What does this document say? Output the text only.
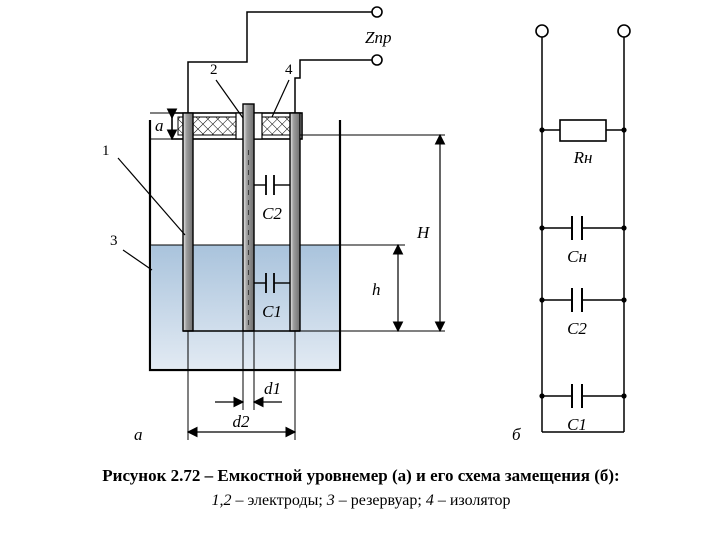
Zпр
C2
C1
1
2
3
4
a
H
h
d1
d2
а
Rн
Cн
C2
C1
б
Рисунок 2.72 – Емкостной уровнемер (а) и его схема замещения (б):
1,2 – электроды; 3 – резервуар; 4 – изолятор
